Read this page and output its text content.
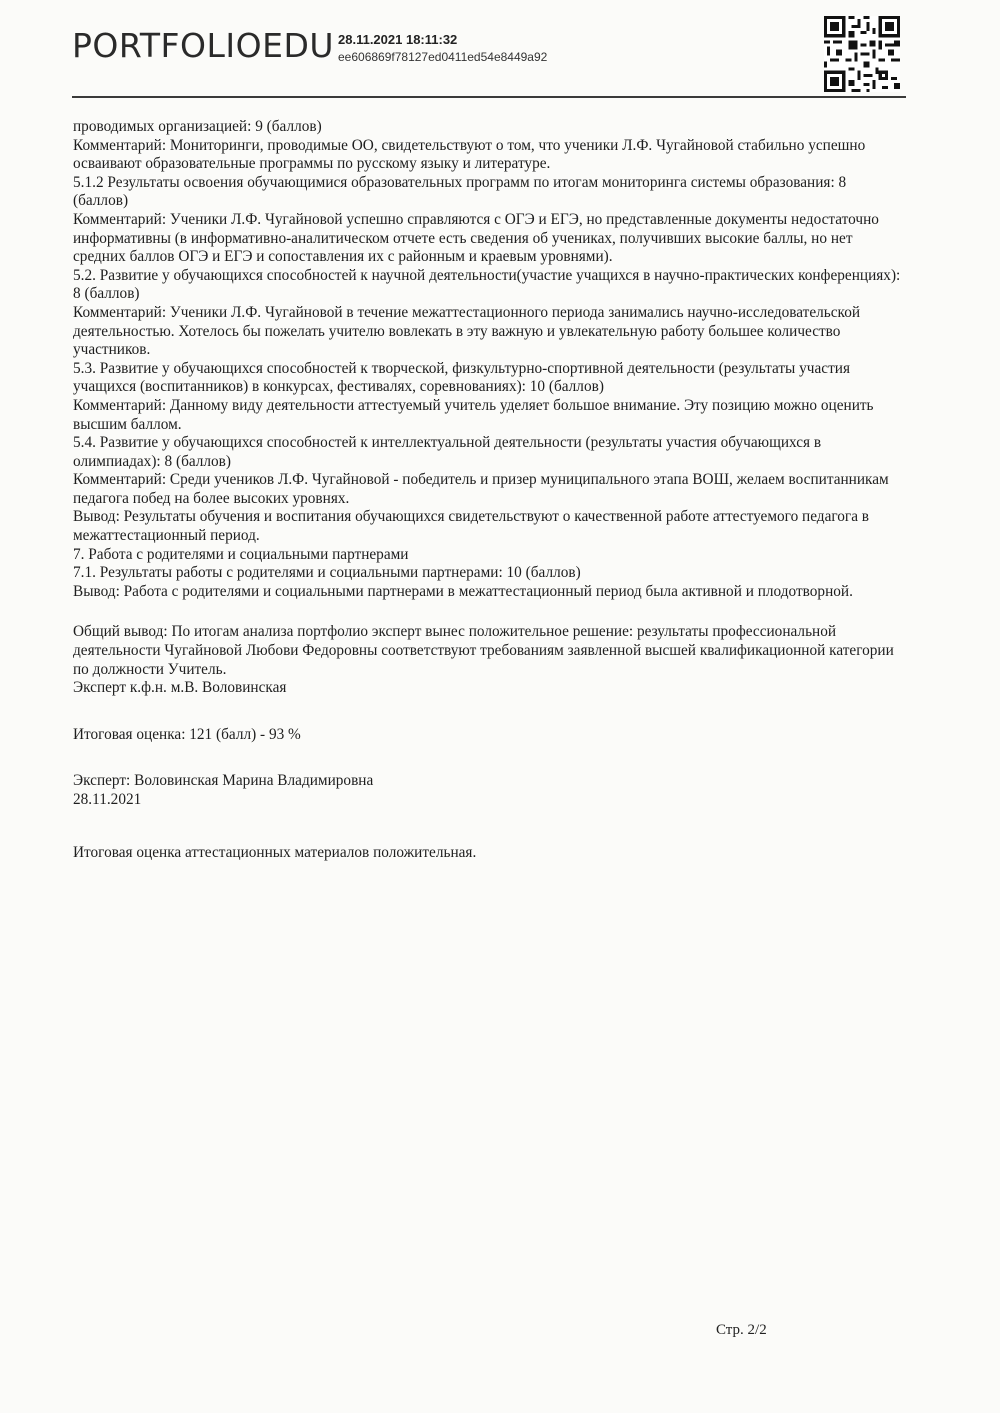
PORTFOLIOEDU 28.11.2021 18:11:32
ee606869f78127ed0411ed54e8449a92

проводимых организацией: 9 (баллов)

Комментарий: Мониторинги, проводимые ОО, свидетельствуют о том, что ученики Л.Ф. Чугайновой стабильно успешно осваивают образовательные программы по русскому языку и литературе.

5.1.2 Результаты освоения обучающимися образовательных программ по итогам мониторинга системы образования: 8 (баллов)

Комментарий: Ученики Л.Ф. Чугайновой успешно справляются с ОГЭ и ЕГЭ, но представленные документы недостаточно информативны (в информативно-аналитическом отчете есть сведения об учениках, получивших высокие баллы, но нет средних баллов ОГЭ и ЕГЭ и сопоставления их с районным и краевым уровнями).

5.2. Развитие у обучающихся способностей к научной деятельности(участие учащихся в научно-практических конференциях): 8 (баллов)

Комментарий: Ученики Л.Ф. Чугайновой в течение межаттестационного периода занимались научно-исследовательской деятельностью. Хотелось бы пожелать учителю вовлекать в эту важную и увлекательную работу большее количество участников.

5.3. Развитие у обучающихся способностей к творческой, физкультурно-спортивной деятельности (результаты участия учащихся (воспитанников) в конкурсах, фестивалях, соревнованиях): 10 (баллов)

Комментарий: Данному виду деятельности аттестуемый учитель уделяет большое внимание. Эту позицию можно оценить высшим баллом.

5.4. Развитие у обучающихся способностей к интеллектуальной деятельности (результаты участия обучающихся в олимпиадах): 8 (баллов)

Комментарий: Среди учеников Л.Ф. Чугайновой - победитель и призер муниципального этапа ВОШ, желаем воспитанникам педагога побед на более высоких уровнях.

Вывод: Результаты обучения и воспитания обучающихся свидетельствуют о качественной работе аттестуемого педагога в межаттестационный период.

7. Работа с родителями и социальными партнерами

7.1. Результаты работы с родителями и социальными партнерами: 10 (баллов)

Вывод: Работа с родителями и социальными партнерами в межаттестационный период была активной и плодотворной.

Общий вывод: По итогам анализа портфолио эксперт вынес положительное решение: результаты профессиональной деятельности Чугайновой Любови Федоровны соответствуют требованиям заявленной высшей квалификационной категории по должности Учитель.

Эксперт к.ф.н. м.В. Воловинская

Итоговая оценка: 121 (балл) - 93 %

Эксперт: Воловинская Марина Владимировна

28.11.2021

Итоговая оценка аттестационных материалов положительная.

Стр. 2/2
